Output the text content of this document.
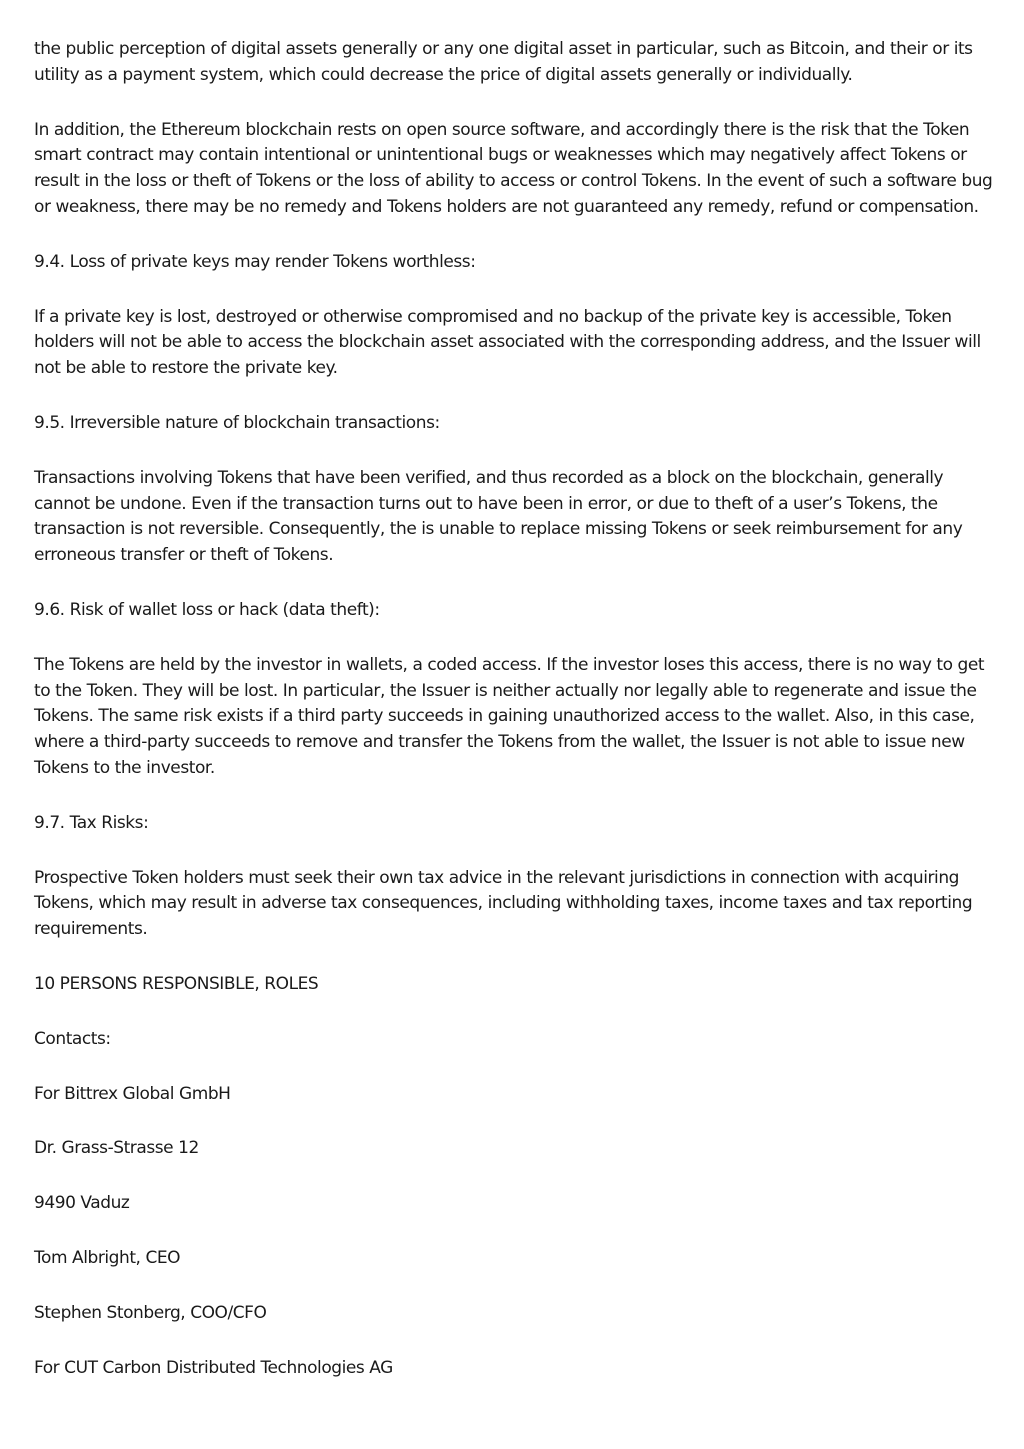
the public perception of digital assets generally or any one digital asset in particular, such as Bitcoin, and their or its utility as a payment system, which could decrease the price of digital assets generally or individually.

In addition, the Ethereum blockchain rests on open source software, and accordingly there is the risk that the Token smart contract may contain intentional or unintentional bugs or weaknesses which may negatively affect Tokens or result in the loss or theft of Tokens or the loss of ability to access or control Tokens. In the event of such a software bug or weakness, there may be no remedy and Tokens holders are not guaranteed any remedy, refund or compensation.

9.4. Loss of private keys may render Tokens worthless:

If a private key is lost, destroyed or otherwise compromised and no backup of the private key is accessible, Token holders will not be able to access the blockchain asset associated with the corresponding address, and the Issuer will not be able to restore the private key.

9.5. Irreversible nature of blockchain transactions:

Transactions involving Tokens that have been verified, and thus recorded as a block on the blockchain, generally cannot be undone. Even if the transaction turns out to have been in error, or due to theft of a user’s Tokens, the transaction is not reversible. Consequently, the is unable to replace missing Tokens or seek reimbursement for any erroneous transfer or theft of Tokens.

9.6. Risk of wallet loss or hack (data theft):

The Tokens are held by the investor in wallets, a coded access. If the investor loses this access, there is no way to get to the Token. They will be lost. In particular, the Issuer is neither actually nor legally able to regenerate and issue the Tokens. The same risk exists if a third party succeeds in gaining unauthorized access to the wallet. Also, in this case, where a third-party succeeds to remove and transfer the Tokens from the wallet, the Issuer is not able to issue new Tokens to the investor.

9.7. Tax Risks:

Prospective Token holders must seek their own tax advice in the relevant jurisdictions in connection with acquiring Tokens, which may result in adverse tax consequences, including withholding taxes, income taxes and tax reporting requirements.

10 PERSONS RESPONSIBLE, ROLES

Contacts:

For Bittrex Global GmbH

Dr. Grass-Strasse 12

9490 Vaduz

Tom Albright, CEO

Stephen Stonberg, COO/CFO

For CUT Carbon Distributed Technologies AG
